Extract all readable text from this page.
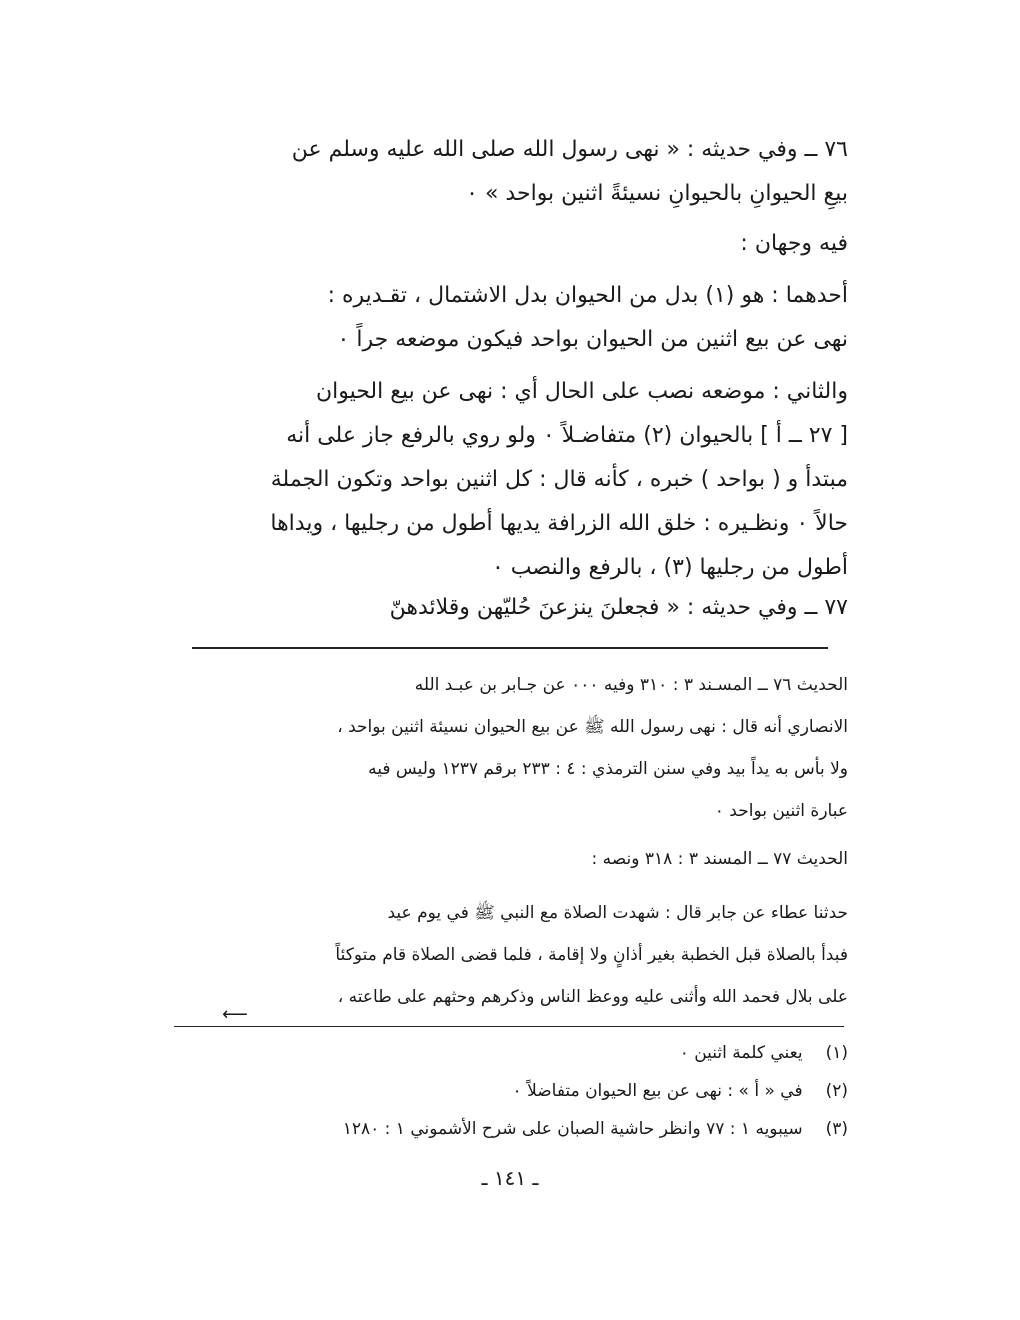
٧٦ ــ وفي حديثه : « نهى رسول الله صلى الله عليه وسلم عن
بيعِ الحيوانِ بالحيوانِ نسيئةً اثنين بواحد » ٠
فيه وجهان :
أحدهما : هو (١) بدل من الحيوان بدل الاشتمال ، تقـديره :
نهى عن بيع اثنين من الحيوان بواحد فيكون موضعه جراً ٠
والثاني : موضعه نصب على الحال أي : نهى عن بيع الحيوان
[ ٢٧ ــ أ ] بالحيوان (٢) متفاضـلاً ٠ ولو روي بالرفع جاز على أنه
مبتدأ و ( بواحد ) خبره ، كأنه قال : كل اثنين بواحد وتكون الجملة
حالاً ٠ ونظـيره : خلق الله الزرافة يديها أطول من رجليها ، ويداها
أطول من رجليها (٣) ، بالرفع والنصب ٠
٧٧ ــ وفي حديثه : « فجعلنَ ينزعنَ حُليّهن وقلائدهنّ
الحديث ٧٦ ــ المسـند ٣ : ٣١٠ وفيه ٠٠٠ عن جـابر بن عبـد الله
الانصاري أنه قال : نهى رسول الله ﷺ عن بيع الحيوان نسيئة اثنين بواحد ،
ولا بأس به يداً بيد وفي سنن الترمذي : ٤ : ٢٣٣ برقم ١٢٣٧ وليس فيه
عبارة اثنين بواحد ٠
الحديث ٧٧ ــ المسند ٣ : ٣١٨ ونصه :
حدثنا عطاء عن جابر قال : شهدت الصلاة مع النبي ﷺ في يوم عيد
فبدأ بالصلاة قبل الخطبة بغير أذانٍ ولا إقامة ، فلما قضى الصلاة قام متوكئاً
على بلال فحمد الله وأثنى عليه ووعظ الناس وذكرهم وحثهم على طاعته ،
⟵
(١) يعني كلمة اثنين ٠
(٢) في « أ » : نهى عن بيع الحيوان متفاضلاً ٠
(٣) سيبويه ١ : ٧٧ وانظر حاشية الصبان على شرح الأشموني ١ : ١٢٨٠
ـ ١٤١ ـ
